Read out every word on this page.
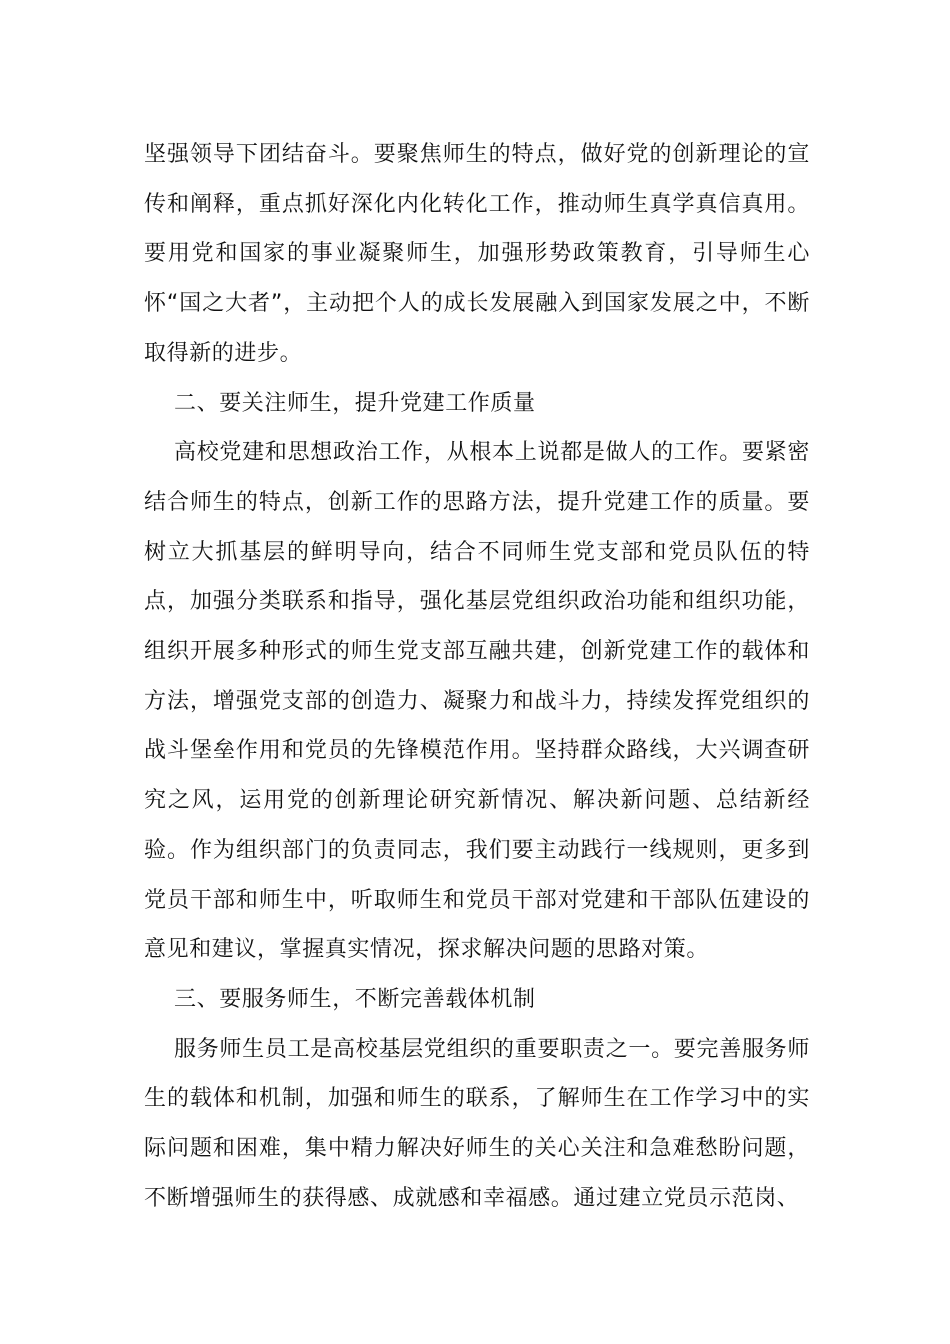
坚强领导下团结奋斗。要聚焦师生的特点，做好党的创新理论的宣传和阐释，重点抓好深化内化转化工作，推动师生真学真信真用。要用党和国家的事业凝聚师生，加强形势政策教育，引导师生心怀“国之大者”，主动把个人的成长发展融入到国家发展之中，不断取得新的进步。

二、要关注师生，提升党建工作质量

高校党建和思想政治工作，从根本上说都是做人的工作。要紧密结合师生的特点，创新工作的思路方法，提升党建工作的质量。要树立大抓基层的鲜明导向，结合不同师生党支部和党员队伍的特点，加强分类联系和指导，强化基层党组织政治功能和组织功能，组织开展多种形式的师生党支部互融共建，创新党建工作的载体和方法，增强党支部的创造力、凝聚力和战斗力，持续发挥党组织的战斗堡垒作用和党员的先锋模范作用。坚持群众路线，大兴调查研究之风，运用党的创新理论研究新情况、解决新问题、总结新经验。作为组织部门的负责同志，我们要主动践行一线规则，更多到党员干部和师生中，听取师生和党员干部对党建和干部队伍建设的意见和建议，掌握真实情况，探求解决问题的思路对策。

三、要服务师生，不断完善载体机制

服务师生员工是高校基层党组织的重要职责之一。要完善服务师生的载体和机制，加强和师生的联系，了解师生在工作学习中的实际问题和困难，集中精力解决好师生的关心关注和急难愁盼问题，不断增强师生的获得感、成就感和幸福感。通过建立党员示范岗、
